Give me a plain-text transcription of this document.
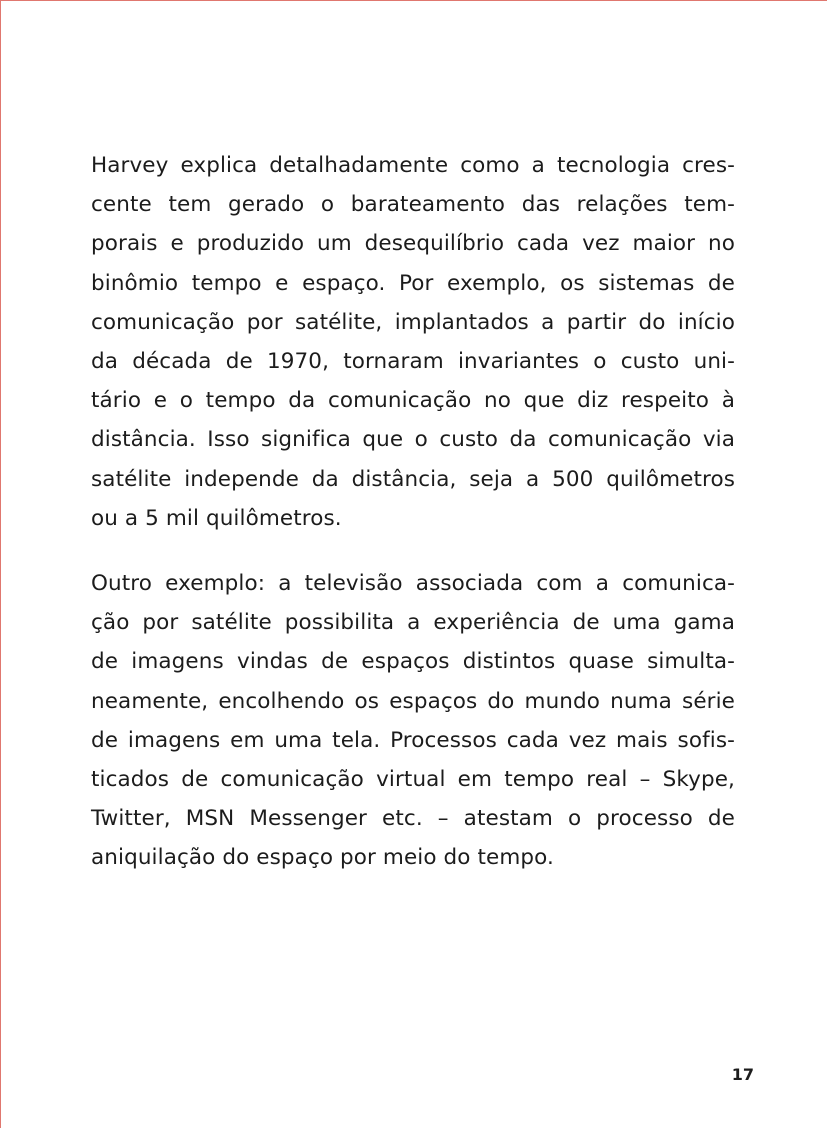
Harvey explica detalhadamente como a tecnologia cres-
cente tem gerado o barateamento das relações tem-
porais e produzido um desequilíbrio cada vez maior no
binômio tempo e espaço. Por exemplo, os sistemas de
comunicação por satélite, implantados a partir do início
da década de 1970, tornaram invariantes o custo uni-
tário e o tempo da comunicação no que diz respeito à
distância. Isso significa que o custo da comunicação via
satélite independe da distância, seja a 500 quilômetros
ou a 5 mil quilômetros.
Outro exemplo: a televisão associada com a comunica-
ção por satélite possibilita a experiência de uma gama
de imagens vindas de espaços distintos quase simulta-
neamente, encolhendo os espaços do mundo numa série
de imagens em uma tela. Processos cada vez mais sofis-
ticados de comunicação virtual em tempo real – Skype,
Twitter, MSN Messenger etc. – atestam o processo de
aniquilação do espaço por meio do tempo.
17
